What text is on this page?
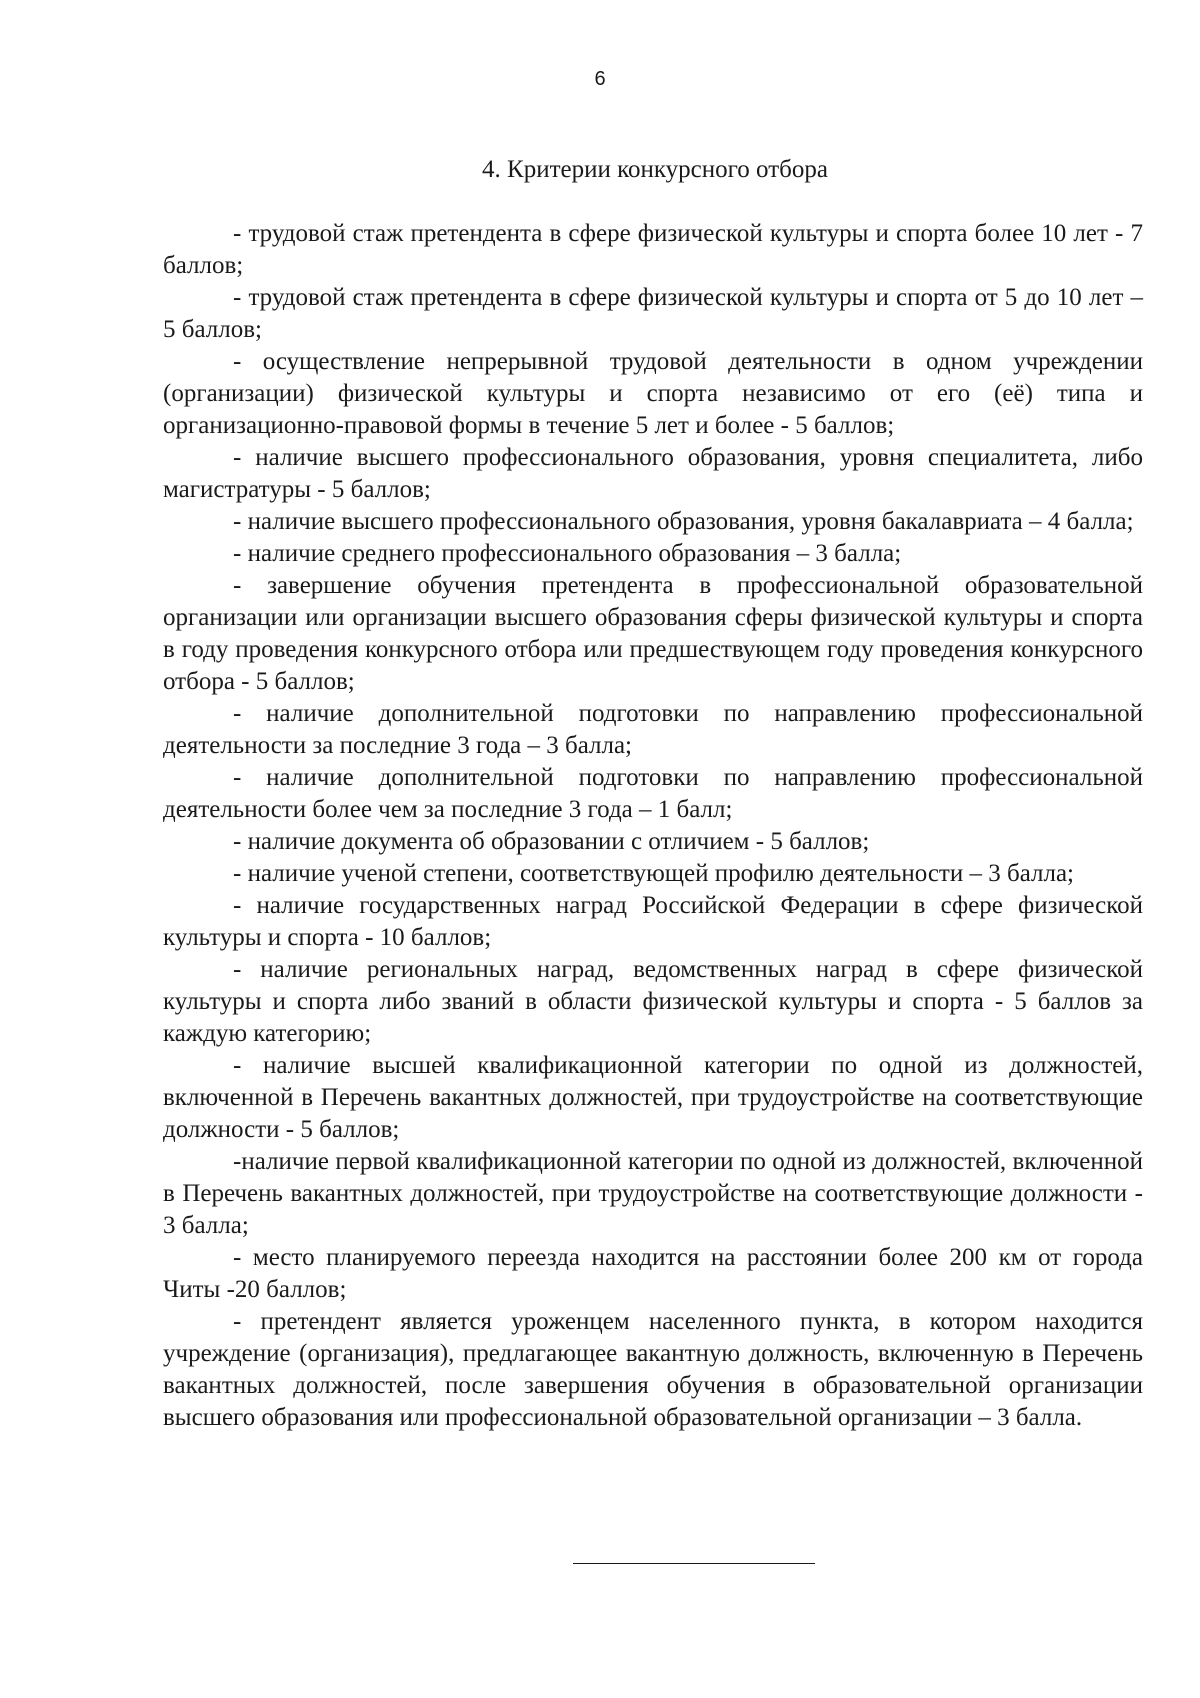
6
4. Критерии конкурсного отбора

- трудовой стаж претендента в сфере физической культуры и спорта более 10 лет - 7 баллов;

- трудовой стаж претендента в сфере физической культуры и спорта от 5 до 10 лет – 5 баллов;

- осуществление непрерывной трудовой деятельности в одном учреждении (организации) физической культуры и спорта независимо от его (её) типа и организационно-правовой формы в течение 5 лет и более - 5 баллов;

- наличие высшего профессионального образования, уровня специалитета, либо магистратуры - 5 баллов;

- наличие высшего профессионального образования, уровня бакалавриата – 4 балла;

- наличие среднего профессионального образования – 3 балла;

- завершение обучения претендента в профессиональной образовательной организации или организации высшего образования сферы физической культуры и спорта в году проведения конкурсного отбора или предшествующем году проведения конкурсного отбора - 5 баллов;

- наличие дополнительной подготовки по направлению профессиональной деятельности за последние 3 года – 3 балла;

- наличие дополнительной подготовки по направлению профессиональной деятельности более чем за последние 3 года – 1 балл;

- наличие документа об образовании с отличием - 5 баллов;

- наличие ученой степени, соответствующей профилю деятельности – 3 балла;

- наличие государственных наград Российской Федерации в сфере физической культуры и спорта - 10 баллов;

- наличие региональных наград, ведомственных наград в сфере физической культуры и спорта либо званий в области физической культуры и спорта - 5 баллов за каждую категорию;

- наличие высшей квалификационной категории по одной из должностей, включенной в Перечень вакантных должностей, при трудоустройстве на соответствующие должности - 5 баллов;

-наличие первой квалификационной категории по одной из должностей, включенной в Перечень вакантных должностей, при трудоустройстве на соответствующие должности - 3 балла;

- место планируемого переезда находится на расстоянии более 200 км от города Читы -20 баллов;

- претендент является уроженцем населенного пункта, в котором находится учреждение (организация), предлагающее вакантную должность, включенную в Перечень вакантных должностей, после завершения обучения в образовательной организации высшего образования или профессиональной образовательной организации – 3 балла.
